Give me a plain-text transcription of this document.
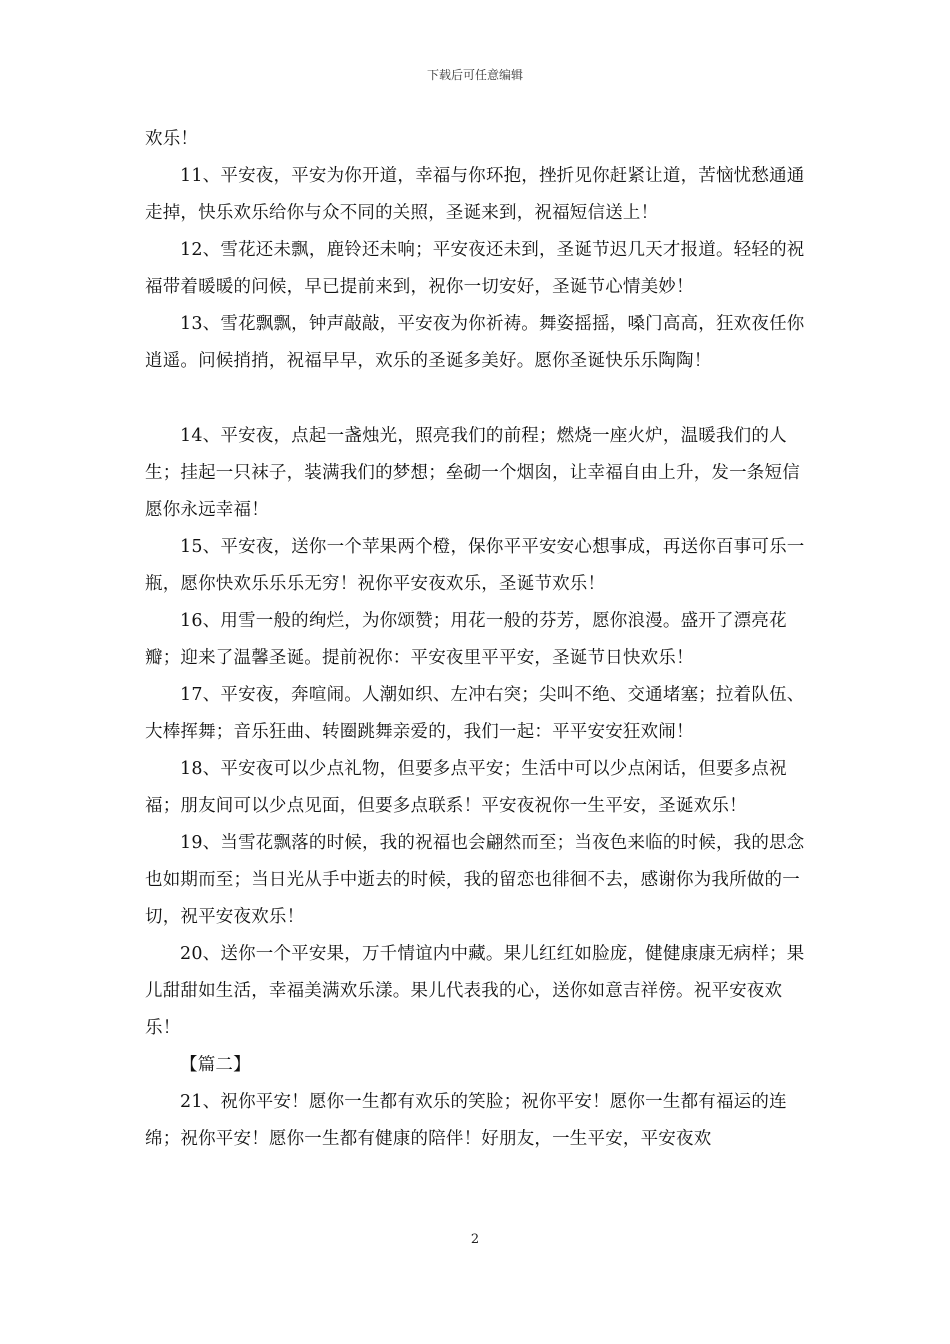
下载后可任意编辑

欢乐！

11、平安夜，平安为你开道，幸福与你环抱，挫折见你赶紧让道，苦恼忧愁通通走掉，快乐欢乐给你与众不同的关照，圣诞来到，祝福短信送上！

12、雪花还未飘，鹿铃还未响；平安夜还未到，圣诞节迟几天才报道。轻轻的祝福带着暖暖的问候，早已提前来到，祝你一切安好，圣诞节心情美妙！

13、雪花飘飘，钟声敲敲，平安夜为你祈祷。舞姿摇摇，嗓门高高，狂欢夜任你逍遥。问候捎捎，祝福早早，欢乐的圣诞多美好。愿你圣诞快乐乐陶陶！

14、平安夜，点起一盏烛光，照亮我们的前程；燃烧一座火炉，温暖我们的人生；挂起一只袜子，装满我们的梦想；垒砌一个烟囱，让幸福自由上升，发一条短信愿你永远幸福！

15、平安夜，送你一个苹果两个橙，保你平平安安心想事成，再送你百事可乐一瓶，愿你快欢乐乐乐无穷！祝你平安夜欢乐，圣诞节欢乐！

16、用雪一般的绚烂，为你颂赞；用花一般的芬芳，愿你浪漫。盛开了漂亮花瓣；迎来了温馨圣诞。提前祝你：平安夜里平平安，圣诞节日快欢乐！

17、平安夜，奔喧闹。人潮如织、左冲右突；尖叫不绝、交通堵塞；拉着队伍、大棒挥舞；音乐狂曲、转圈跳舞亲爱的，我们一起：平平安安狂欢闹！

18、平安夜可以少点礼物，但要多点平安；生活中可以少点闲话，但要多点祝福；朋友间可以少点见面，但要多点联系！平安夜祝你一生平安，圣诞欢乐！

19、当雪花飘落的时候，我的祝福也会翩然而至；当夜色来临的时候，我的思念也如期而至；当日光从手中逝去的时候，我的留恋也徘徊不去，感谢你为我所做的一切，祝平安夜欢乐！

20、送你一个平安果，万千情谊内中藏。果儿红红如脸庞，健健康康无病样；果儿甜甜如生活，幸福美满欢乐漾。果儿代表我的心，送你如意吉祥傍。祝平安夜欢乐！

【篇二】

21、祝你平安！愿你一生都有欢乐的笑脸；祝你平安！愿你一生都有福运的连绵；祝你平安！愿你一生都有健康的陪伴！好朋友，一生平安，平安夜欢

2
